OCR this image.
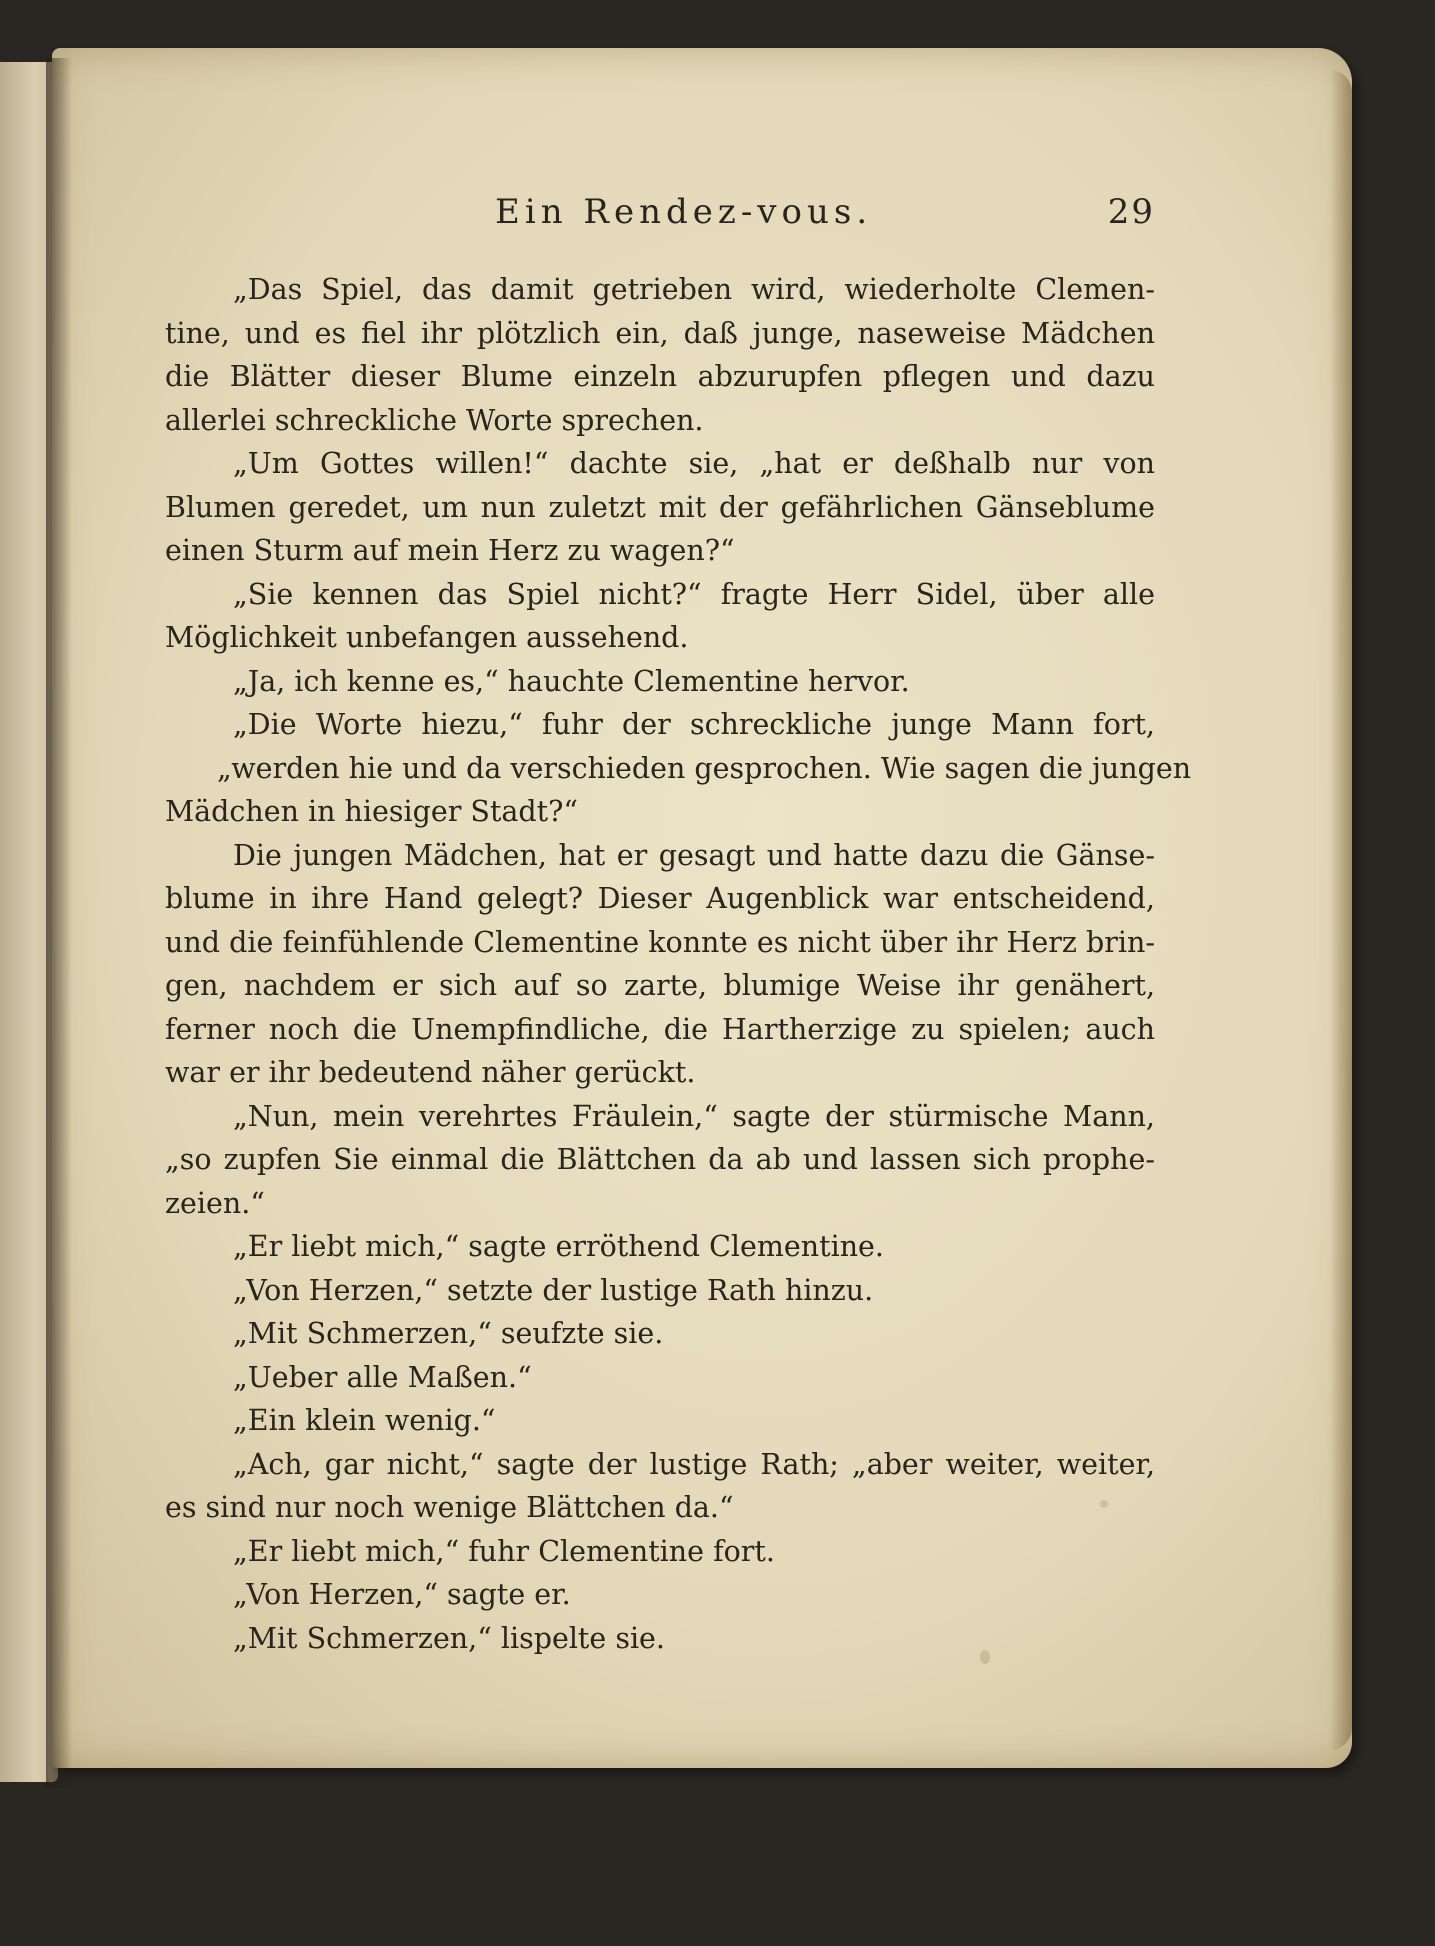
Ein Rendez-vous.	29
„Das Spiel, das damit getrieben wird, wiederholte Clemen-
tine, und es fiel ihr plötzlich ein, daß junge, naseweise Mädchen
die Blätter dieser Blume einzeln abzurupfen pflegen und dazu
allerlei schreckliche Worte sprechen.
„Um Gottes willen!“ dachte sie, „hat er deßhalb nur von
Blumen geredet, um nun zuletzt mit der gefährlichen Gänseblume
einen Sturm auf mein Herz zu wagen?“
„Sie kennen das Spiel nicht?“ fragte Herr Sidel, über alle
Möglichkeit unbefangen aussehend.
„Ja, ich kenne es,“ hauchte Clementine hervor.
„Die Worte hiezu,“ fuhr der schreckliche junge Mann fort,
„werden hie und da verschieden gesprochen. Wie sagen die jungen
Mädchen in hiesiger Stadt?“
Die jungen Mädchen, hat er gesagt und hatte dazu die Gänse-
blume in ihre Hand gelegt? Dieser Augenblick war entscheidend,
und die feinfühlende Clementine konnte es nicht über ihr Herz brin-
gen, nachdem er sich auf so zarte, blumige Weise ihr genähert,
ferner noch die Unempfindliche, die Hartherzige zu spielen; auch
war er ihr bedeutend näher gerückt.
„Nun, mein verehrtes Fräulein,“ sagte der stürmische Mann,
„so zupfen Sie einmal die Blättchen da ab und lassen sich prophe-
zeien.“
„Er liebt mich,“ sagte erröthend Clementine.
„Von Herzen,“ setzte der lustige Rath hinzu.
„Mit Schmerzen,“ seufzte sie.
„Ueber alle Maßen.“
„Ein klein wenig.“
„Ach, gar nicht,“ sagte der lustige Rath; „aber weiter, weiter,
es sind nur noch wenige Blättchen da.“
„Er liebt mich,“ fuhr Clementine fort.
„Von Herzen,“ sagte er.
„Mit Schmerzen,“ lispelte sie.
